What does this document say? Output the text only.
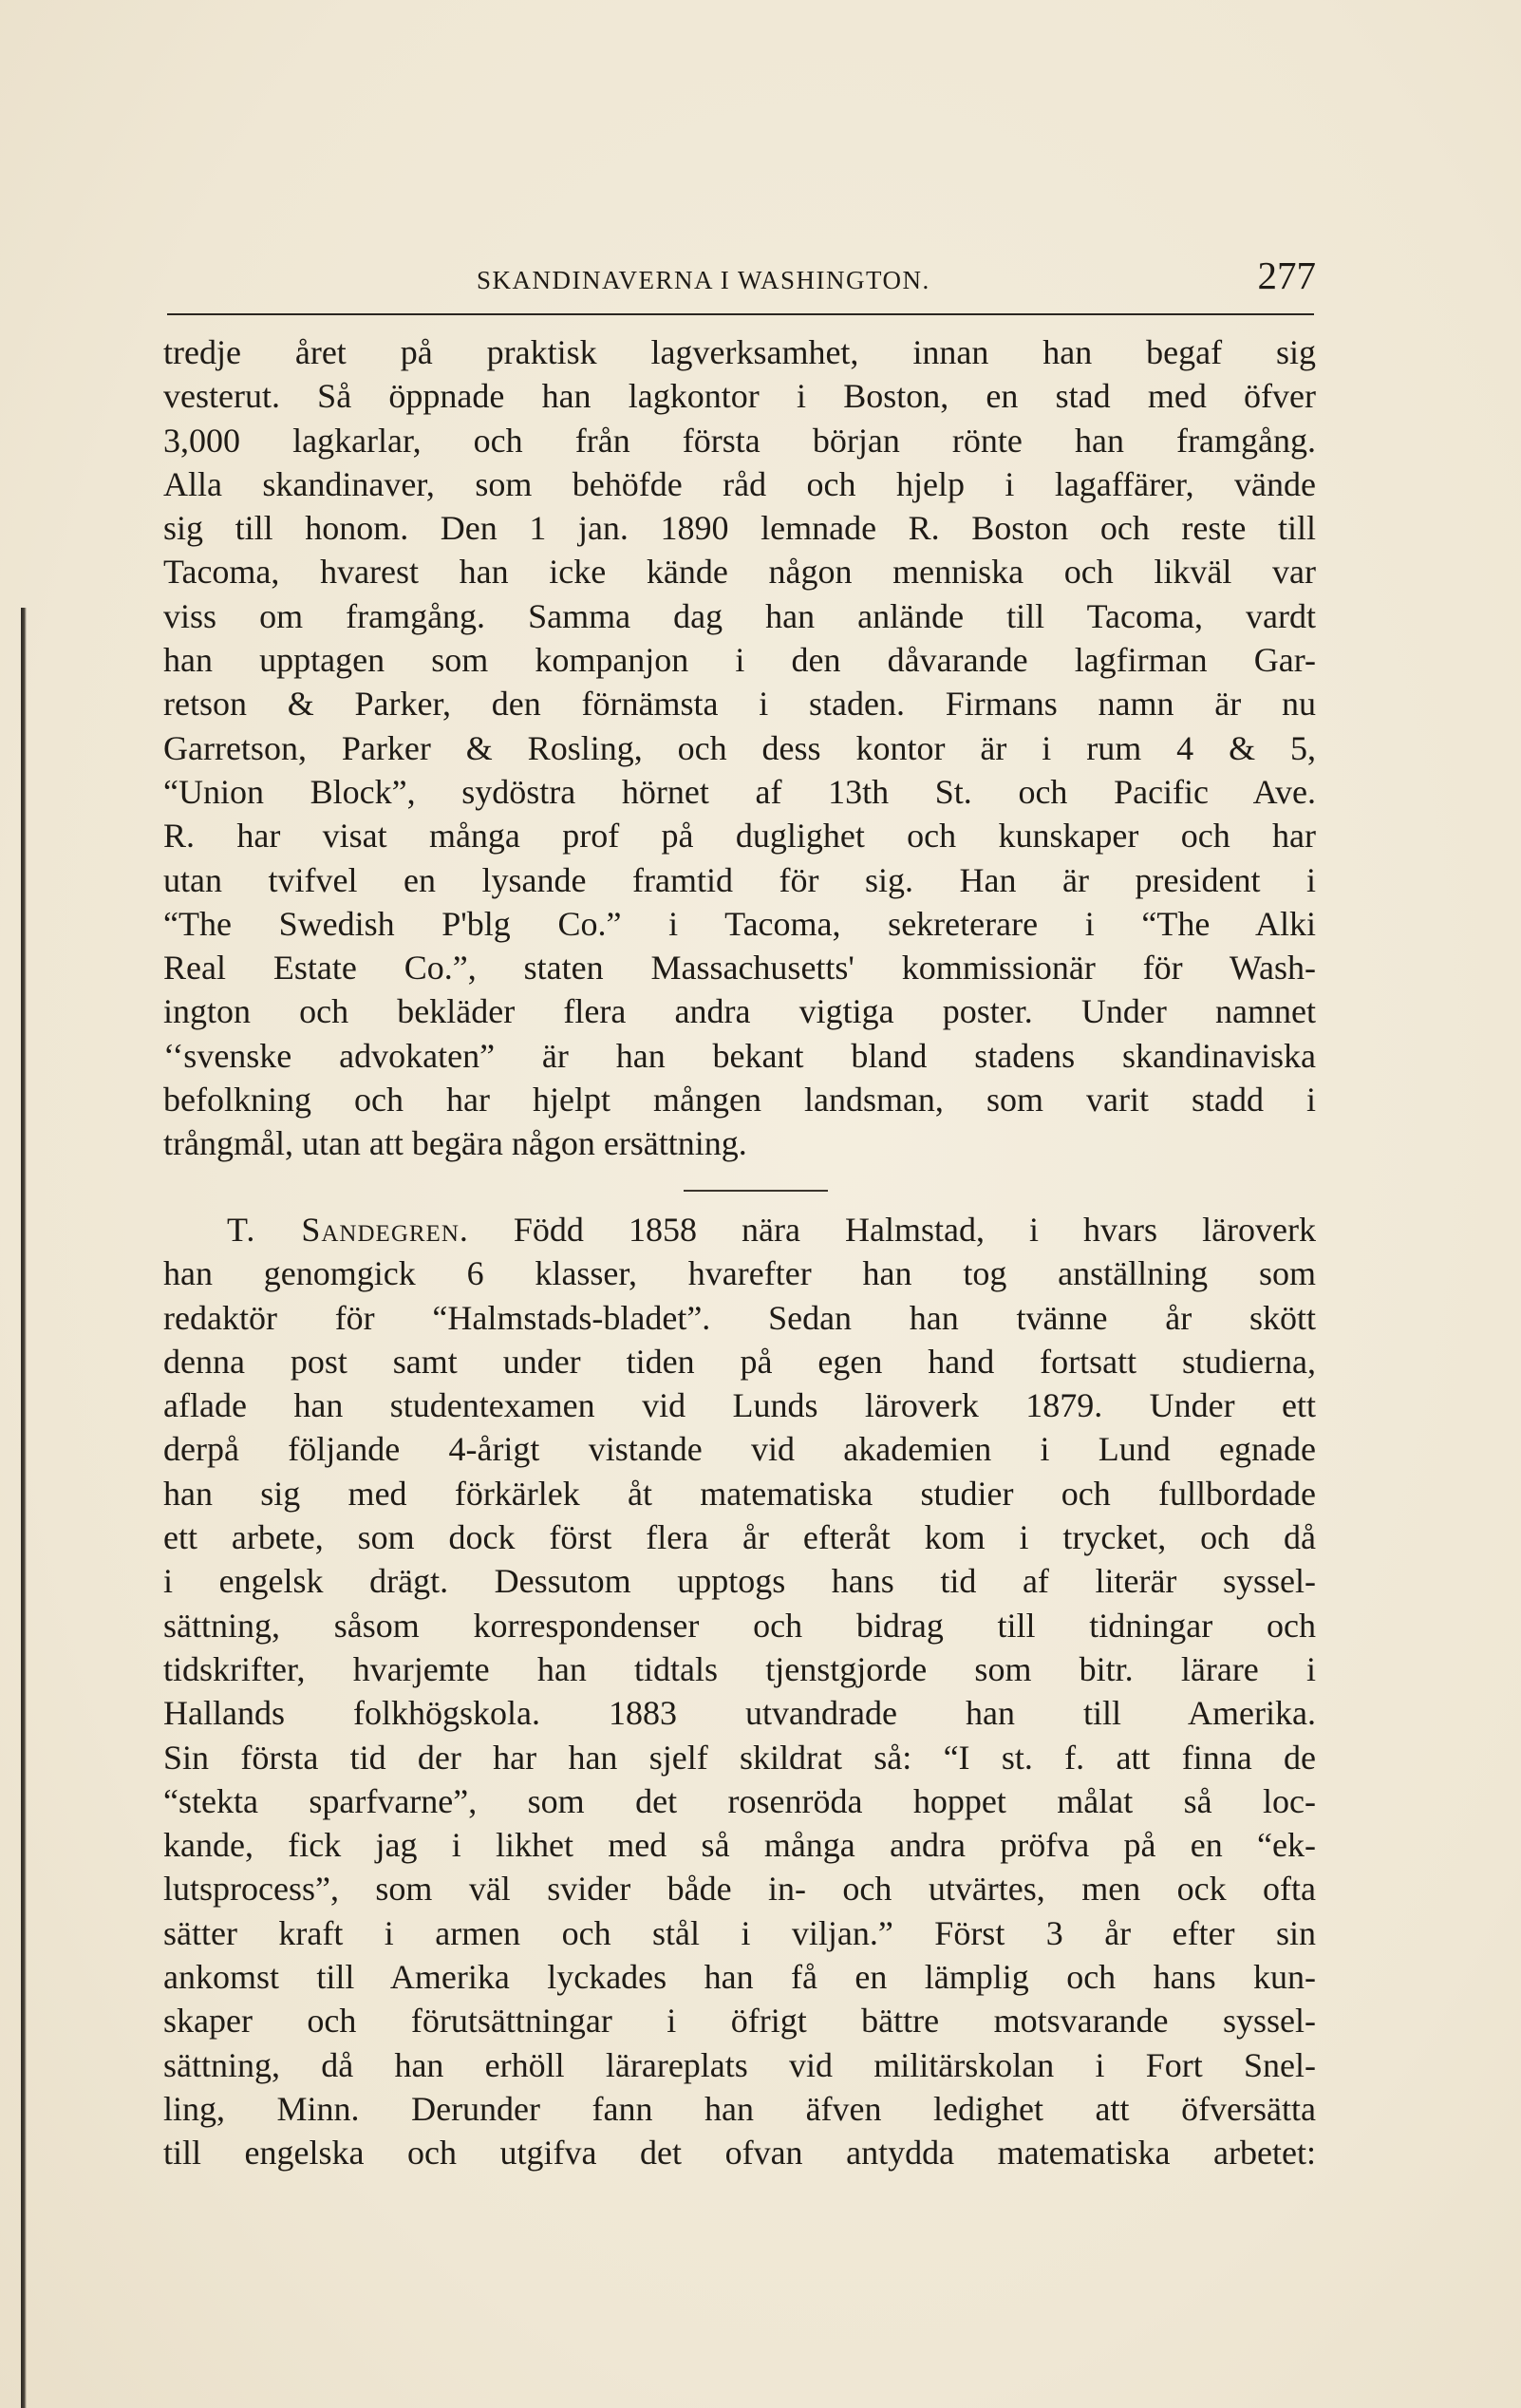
SKANDINAVERNA I WASHINGTON.	277
tredje året på praktisk lagverksamhet, innan han begaf sig
vesterut. Så öppnade han lagkontor i Boston, en stad med öfver
3,000 lagkarlar, och från första början rönte han framgång.
Alla skandinaver, som behöfde råd och hjelp i lagaffärer, vände
sig till honom. Den 1 jan. 1890 lemnade R. Boston och reste till
Tacoma, hvarest han icke kände någon menniska och likväl var
viss om framgång. Samma dag han anlände till Tacoma, vardt
han upptagen som kompanjon i den dåvarande lagfirman Gar-
retson & Parker, den förnämsta i staden. Firmans namn är nu
Garretson, Parker & Rosling, och dess kontor är i rum 4 & 5,
“Union Block”, sydöstra hörnet af 13th St. och Pacific Ave.
R. har visat många prof på duglighet och kunskaper och har
utan tvifvel en lysande framtid för sig. Han är president i
“The Swedish P'blg Co.” i Tacoma, sekreterare i “The Alki
Real Estate Co.”, staten Massachusetts' kommissionär för Wash-
ington och bekläder flera andra vigtiga poster. Under namnet
‘‘svenske advokaten” är han bekant bland stadens skandinaviska
befolkning och har hjelpt mången landsman, som varit stadd i
trångmål, utan att begära någon ersättning.
T. Sandegren. Född 1858 nära Halmstad, i hvars läroverk
han genomgick 6 klasser, hvarefter han tog anställning som
redaktör för “Halmstads-bladet”. Sedan han tvänne år skött
denna post samt under tiden på egen hand fortsatt studierna,
aflade han studentexamen vid Lunds läroverk 1879. Under ett
derpå följande 4-årigt vistande vid akademien i Lund egnade
han sig med förkärlek åt matematiska studier och fullbordade
ett arbete, som dock först flera år efteråt kom i trycket, och då
i engelsk drägt. Dessutom upptogs hans tid af literär syssel-
sättning, såsom korrespondenser och bidrag till tidningar och
tidskrifter, hvarjemte han tidtals tjenstgjorde som bitr. lärare i
Hallands folkhögskola. 1883 utvandrade han till Amerika.
Sin första tid der har han sjelf skildrat så: “I st. f. att finna de
“stekta sparfvarne”, som det rosenröda hoppet målat så loc-
kande, fick jag i likhet med så många andra pröfva på en “ek-
lutsprocess”, som väl svider både in- och utvärtes, men ock ofta
sätter kraft i armen och stål i viljan.” Först 3 år efter sin
ankomst till Amerika lyckades han få en lämplig och hans kun-
skaper och förutsättningar i öfrigt bättre motsvarande syssel-
sättning, då han erhöll lärareplats vid militärskolan i Fort Snel-
ling, Minn. Derunder fann han äfven ledighet att öfversätta
till engelska och utgifva det ofvan antydda matematiska arbetet:
